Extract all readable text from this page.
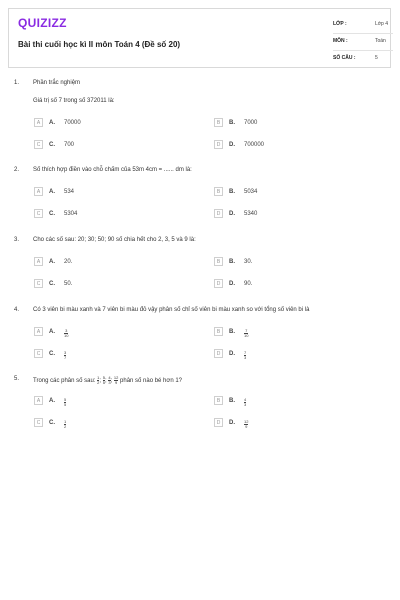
QUIZIZZ
Bài thi cuối học kì II môn Toán 4 (Đề số 20)
LỚP :	Lớp 4
MÔN :	Toán
SỐ CÂU :	5
1. Phần trắc nghiệm
Giá trị số 7 trong số 372011 là:
A	A. 70000	B	B. 7000
C	C. 700	D	D. 700000
2. Số thích hợp điền vào chỗ chấm của 53m 4cm = ...... dm là:
A	A. 534	B	B. 5034
C	C. 5304	D	D. 5340
3. Cho các số sau: 20; 30; 50; 90 số chia hết cho 2, 3, 5 và 9 là:
A	A. 20.	B	B. 30.
C	C. 50.	D	D. 90.
4. Có 3 viên bi màu xanh và 7 viên bi màu đỏ vậy phân số chỉ số viên bi màu xanh so với tổng số viên bi là
A	A. $\frac{3}{10}$	B	B. $\frac{7}{10}$
C	C. $\frac{3}{7}$	D	D. $\frac{7}{3}$
5. Trong các phân số sau: $\frac{1}{2}$ ; $\frac{5}{5}$ ; $\frac{4}{3}$ ; $\frac{12}{9}$ phân số nào bé hơn 1?
A	A. $\frac{5}{5}$	B	B. $\frac{4}{3}$
C	C. $\frac{1}{2}$	D	D. $\frac{12}{9}$
